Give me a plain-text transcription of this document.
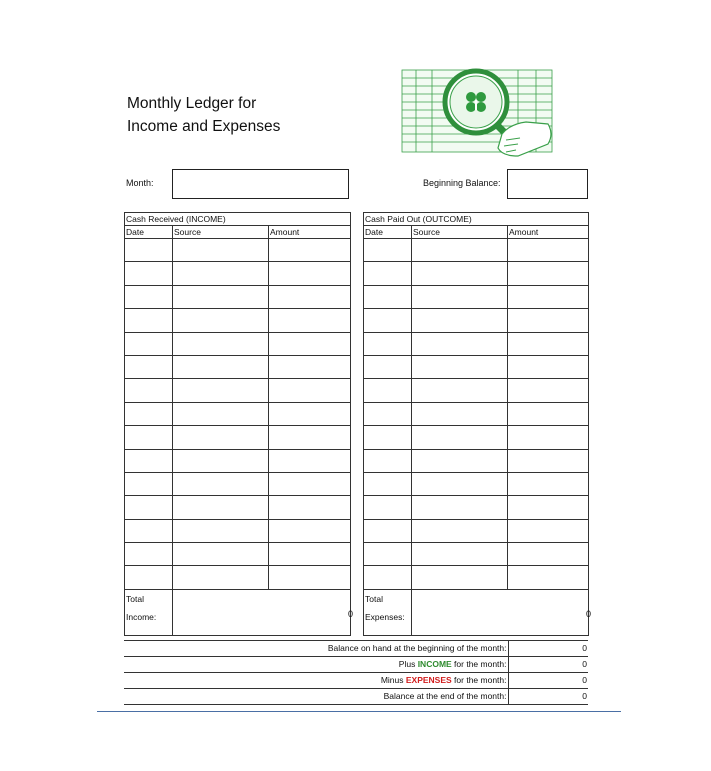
Monthly Ledger for
Income and Expenses
Month:	Beginning Balance:
Cash Received (INCOME)		
Date	Source	Amount

Total
Income:	0	
Cash Paid Out (OUTCOME)		
Date	Source	Amount

Total
Expenses:	0	
Balance on hand at the beginning of the month:	0
Plus INCOME for the month:	0
Minus EXPENSES for the month:	0
Balance at the end of the month:	0
